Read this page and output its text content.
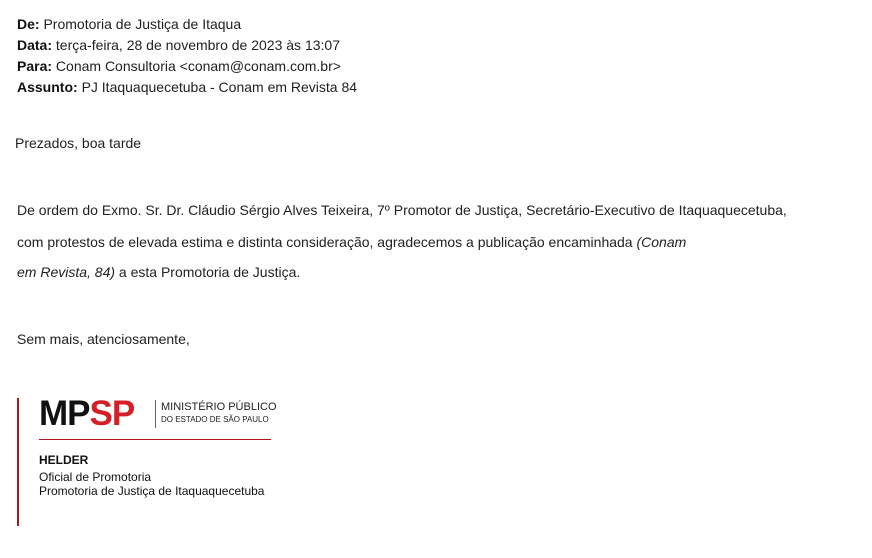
De: Promotoria de Justiça de Itaqua
Data: terça-feira, 28 de novembro de 2023 às 13:07
Para: Conam Consultoria <conam@conam.com.br>
Assunto: PJ Itaquaquecetuba - Conam em Revista 84
Prezados, boa tarde
De ordem do Exmo. Sr. Dr. Cláudio Sérgio Alves Teixeira, 7º Promotor de Justiça, Secretário-Executivo de Itaquaquecetuba,
com protestos de elevada estima e distinta consideração, agradecemos a publicação encaminhada (Conam
em Revista, 84) a esta Promotoria de Justiça.
Sem mais, atenciosamente,
MPSP	MINISTÉRIO PÚBLICO
DO ESTADO DE SÃO PAULO
HELDER
Oficial de Promotoria
Promotoria de Justiça de Itaquaquecetuba
